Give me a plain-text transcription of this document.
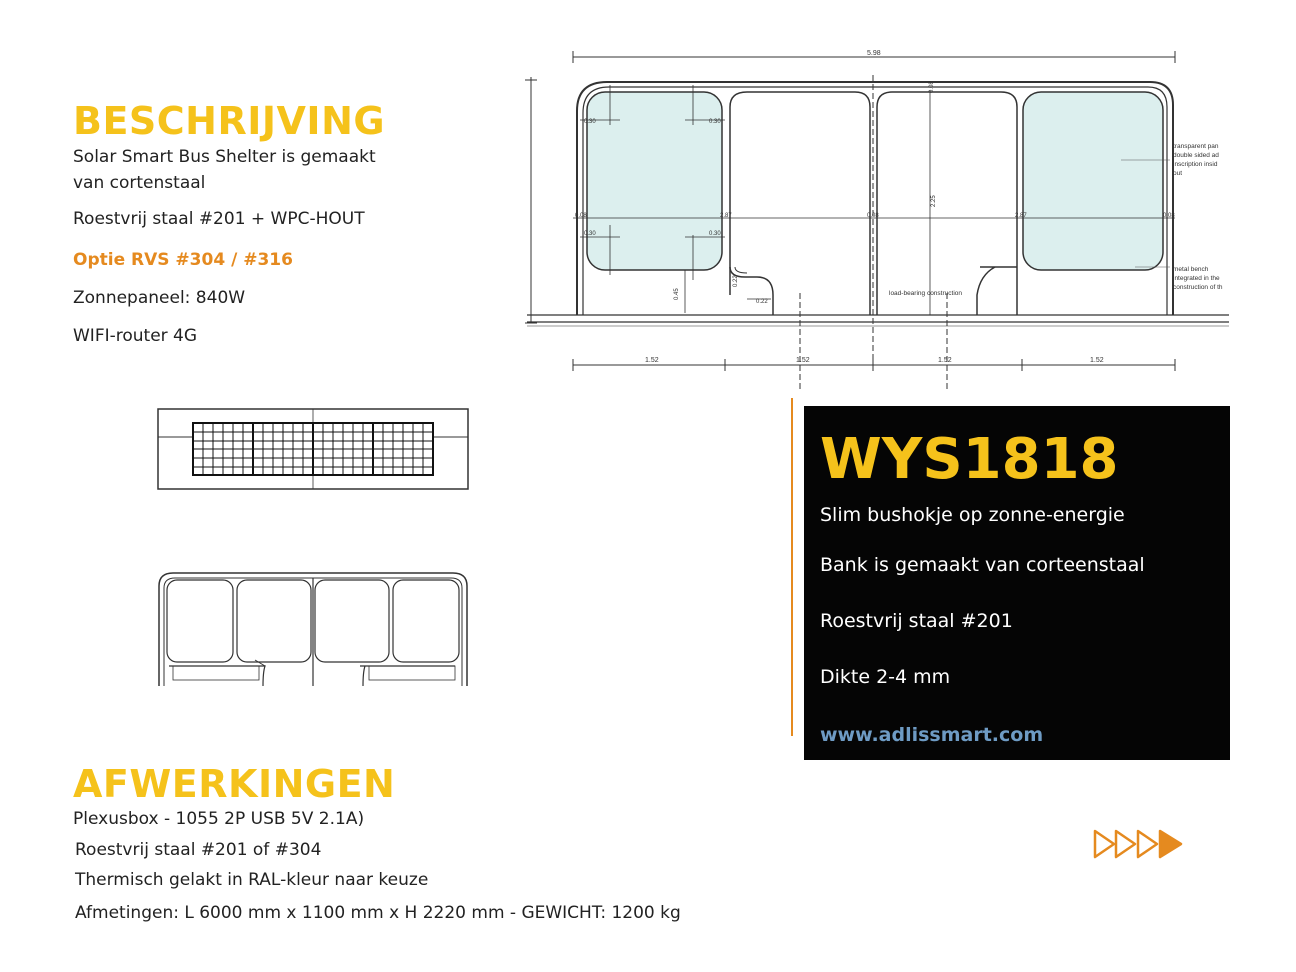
BESCHRIJVING
Solar Smart Bus Shelter is gemaakt
van cortenstaal
Roestvrij staal #201 + WPC-HOUT
Optie RVS #304 / #316
Zonnepaneel: 840W
WIFI-router 4G
5.98
0.08	2.87	0.08	2.87	0.08
0.30	0.30
0.30	0.30
0.08
2.25
0.45
0.22
0.22
transparent pan
double sided ad
inscription insid
out
metal bench
integrated in the
construction of th
load-bearing construction
1.52	1.52	1.52	1.52
WYS1818
Slim bushokje op zonne-energie
Bank is gemaakt van corteenstaal
Roestvrij staal #201
Dikte 2-4 mm
www.adlissmart.com
AFWERKINGEN
Plexusbox - 1055 2P USB 5V 2.1A)
Roestvrij staal #201 of #304
Thermisch gelakt in RAL-kleur naar keuze
Afmetingen: L 6000 mm x 1100 mm x H 2220 mm - GEWICHT: 1200 kg
